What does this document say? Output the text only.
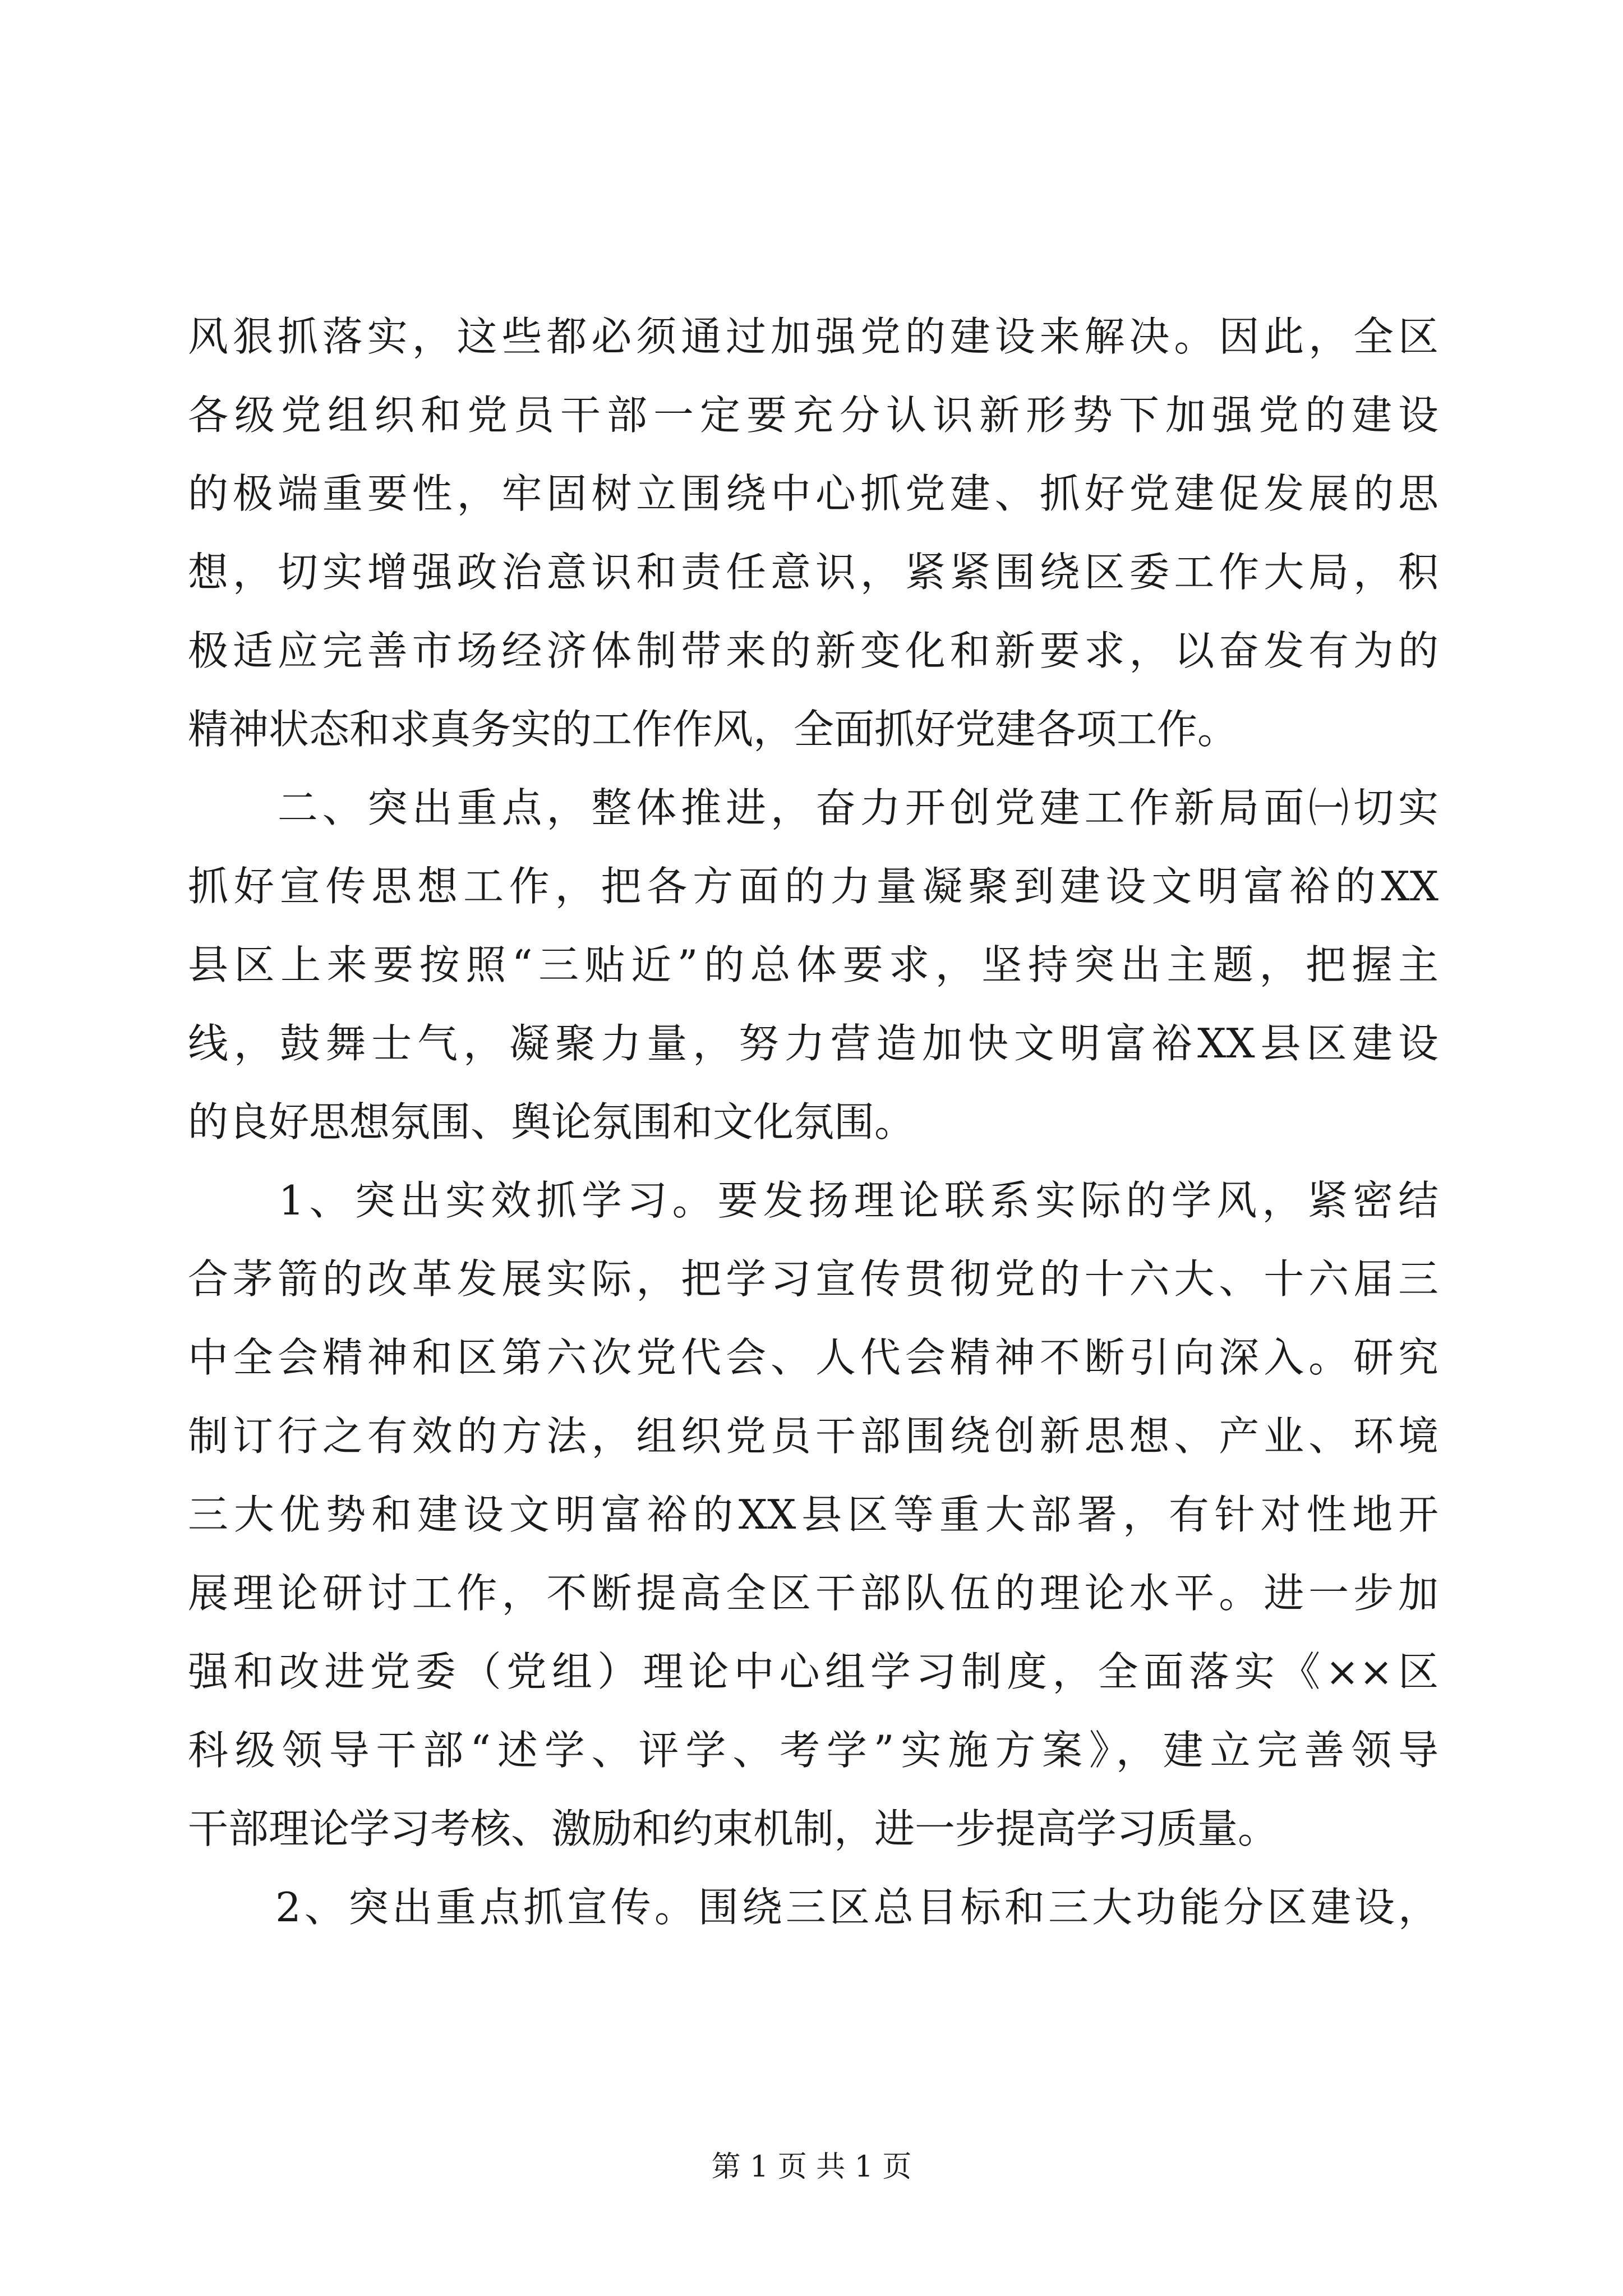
风狠抓落实，这些都必须通过加强党的建设来解决。因此，全区
各级党组织和党员干部一定要充分认识新形势下加强党的建设
的极端重要性，牢固树立围绕中心抓党建、抓好党建促发展的思
想，切实增强政治意识和责任意识，紧紧围绕区委工作大局，积
极适应完善市场经济体制带来的新变化和新要求，以奋发有为的
精神状态和求真务实的工作作风，全面抓好党建各项工作。
　　二、突出重点，整体推进，奋力开创党建工作新局面㈠切实
抓好宣传思想工作，把各方面的力量凝聚到建设文明富裕的XX
县区上来要按照“三贴近”的总体要求，坚持突出主题，把握主
线，鼓舞士气，凝聚力量，努力营造加快文明富裕XX县区建设
的良好思想氛围、舆论氛围和文化氛围。
　　1、突出实效抓学习。要发扬理论联系实际的学风，紧密结
合茅箭的改革发展实际，把学习宣传贯彻党的十六大、十六届三
中全会精神和区第六次党代会、人代会精神不断引向深入。研究
制订行之有效的方法，组织党员干部围绕创新思想、产业、环境
三大优势和建设文明富裕的XX县区等重大部署，有针对性地开
展理论研讨工作，不断提高全区干部队伍的理论水平。进一步加
强和改进党委（党组）理论中心组学习制度，全面落实《××区
科级领导干部“述学、评学、考学”实施方案》，建立完善领导
干部理论学习考核、激励和约束机制，进一步提高学习质量。
　　2、突出重点抓宣传。围绕三区总目标和三大功能分区建设，
第 1 页 共 1 页
